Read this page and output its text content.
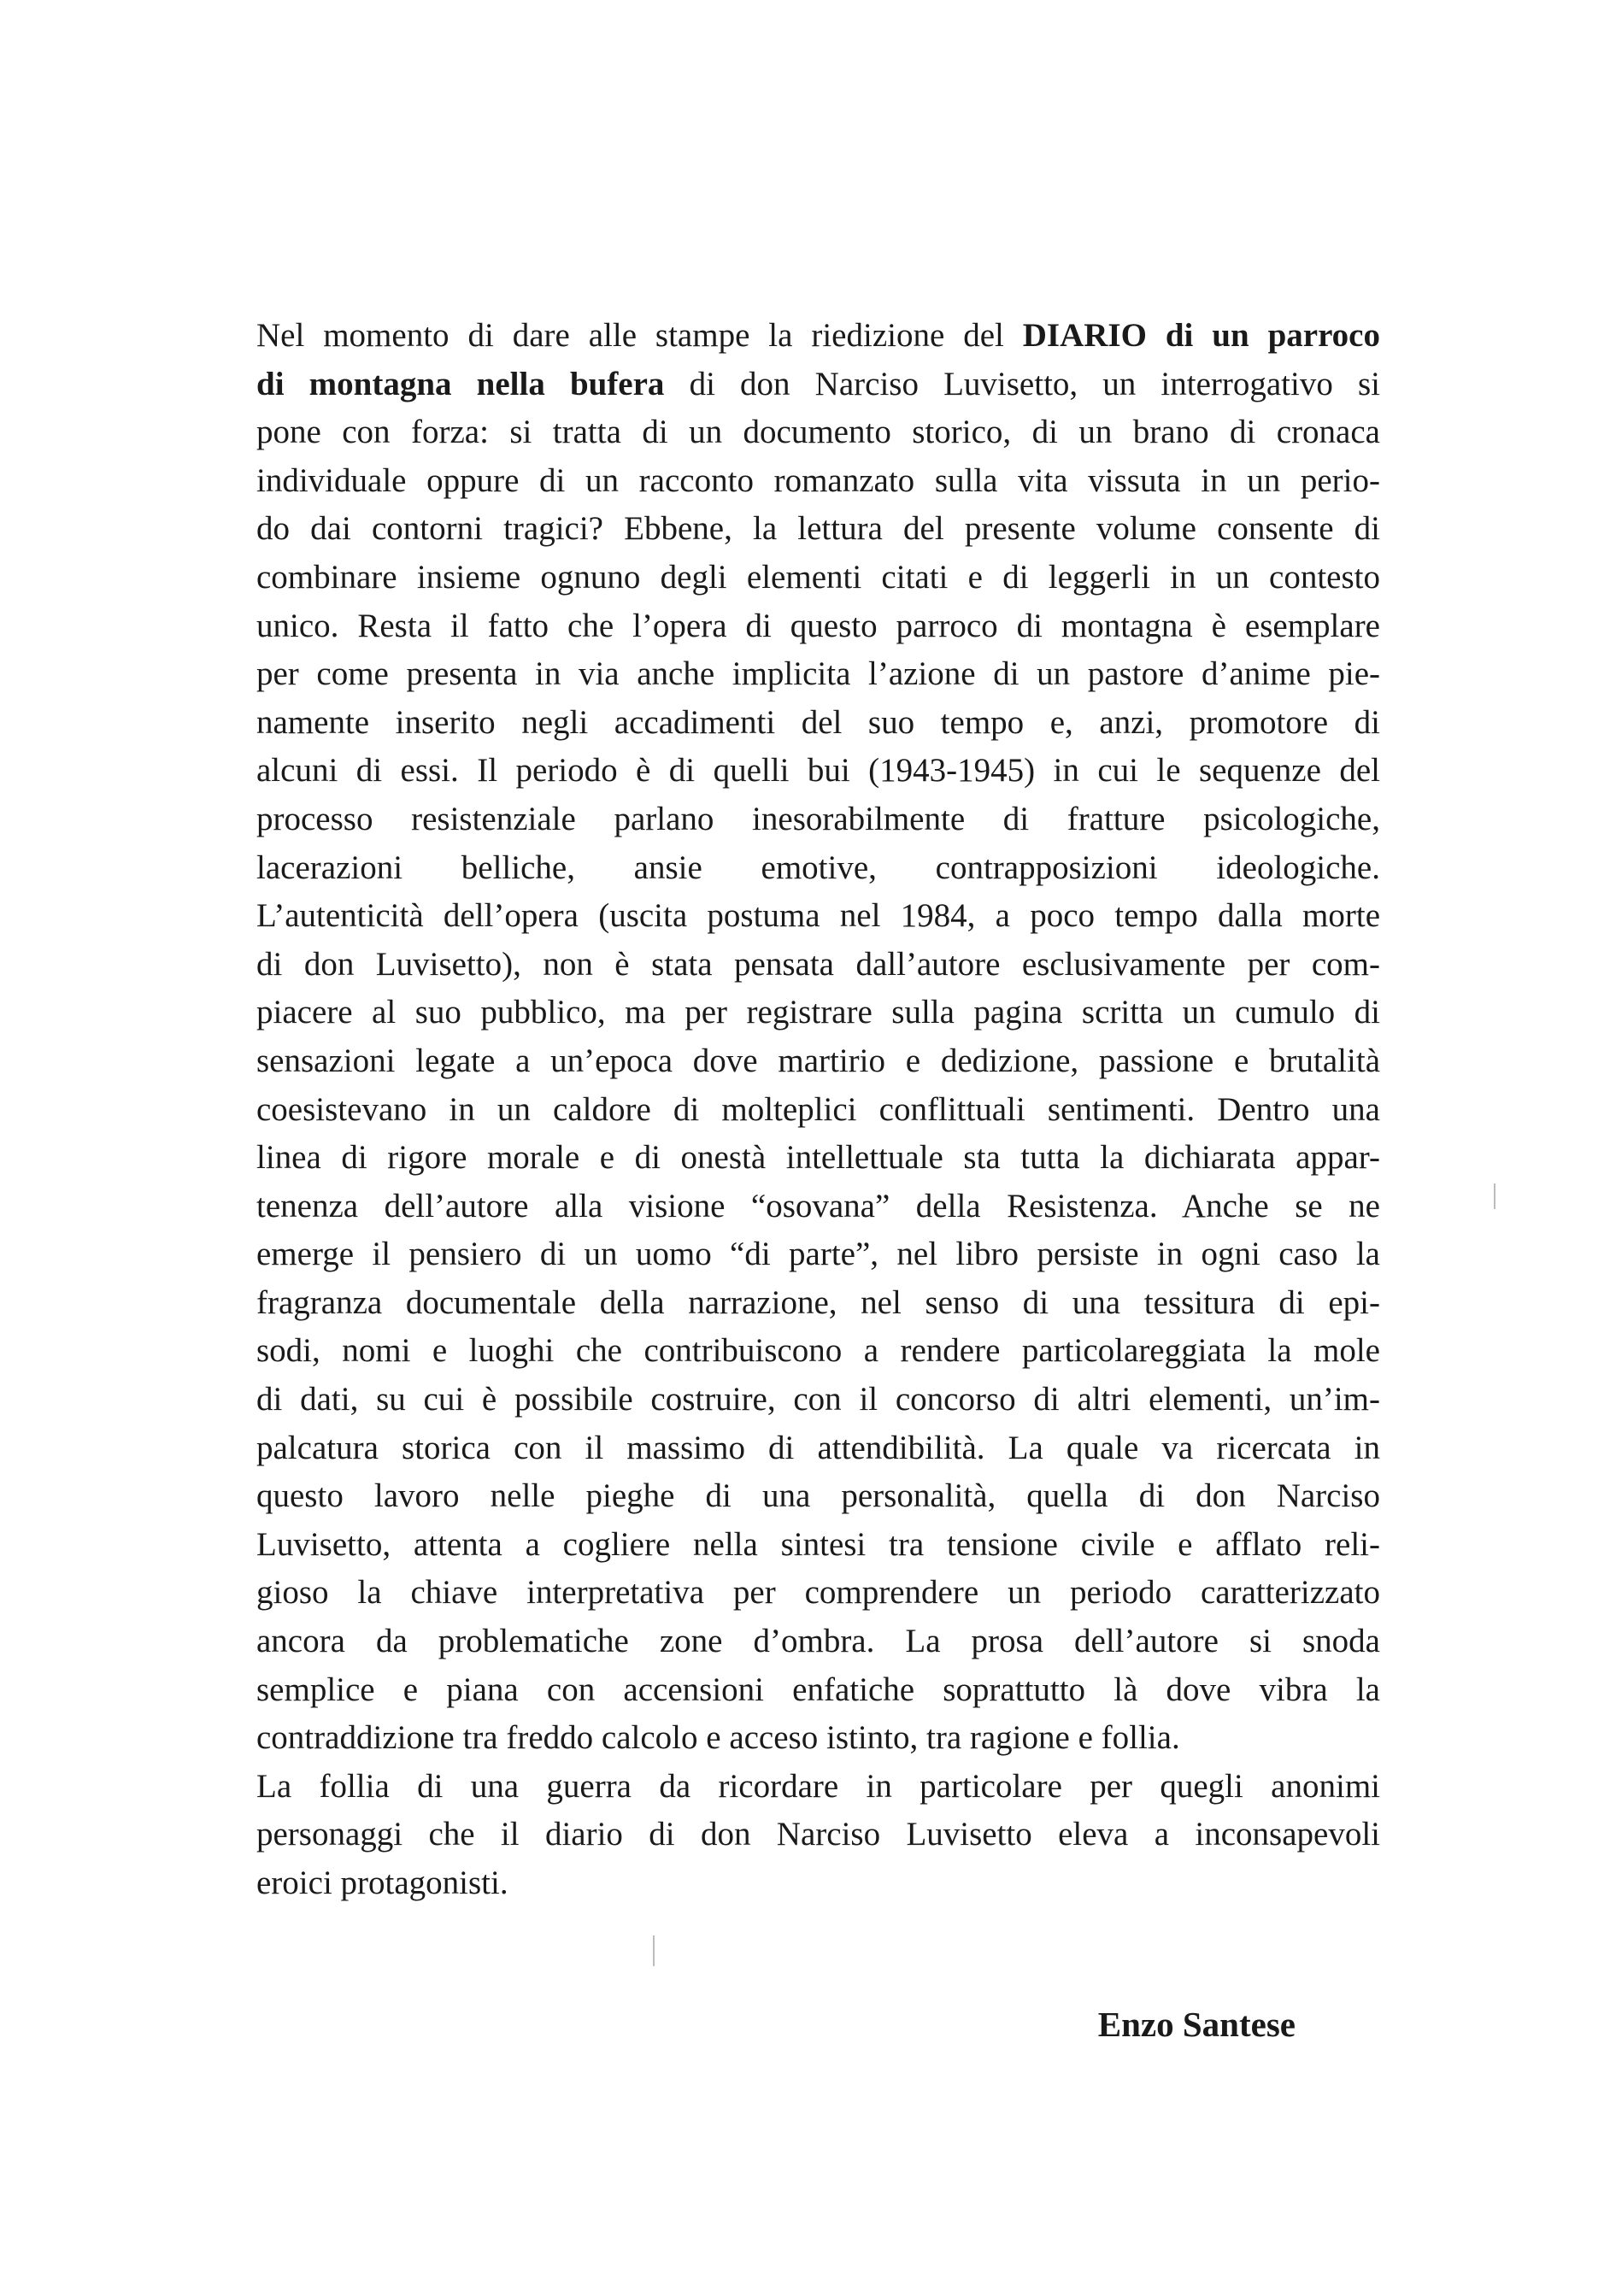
Nel momento di dare alle stampe la riedizione del DIARIO di un parroco
di montagna nella bufera di don Narciso Luvisetto, un interrogativo si
pone con forza: si tratta di un documento storico, di un brano di cronaca
individuale oppure di un racconto romanzato sulla vita vissuta in un perio-
do dai contorni tragici? Ebbene, la lettura del presente volume consente di
combinare insieme ognuno degli elementi citati e di leggerli in un contesto
unico. Resta il fatto che l’opera di questo parroco di montagna è esemplare
per come presenta in via anche implicita l’azione di un pastore d’anime pie-
namente inserito negli accadimenti del suo tempo e, anzi, promotore di
alcuni di essi. Il periodo è di quelli bui (1943-1945) in cui le sequenze del
processo resistenziale parlano inesorabilmente di fratture psicologiche,
lacerazioni belliche, ansie emotive, contrapposizioni ideologiche.
L’autenticità dell’opera (uscita postuma nel 1984, a poco tempo dalla morte
di don Luvisetto), non è stata pensata dall’autore esclusivamente per com-
piacere al suo pubblico, ma per registrare sulla pagina scritta un cumulo di
sensazioni legate a un’epoca dove martirio e dedizione, passione e brutalità
coesistevano in un caldore di molteplici conflittuali sentimenti. Dentro una
linea di rigore morale e di onestà intellettuale sta tutta la dichiarata appar-
tenenza dell’autore alla visione “osovana” della Resistenza. Anche se ne
emerge il pensiero di un uomo “di parte”, nel libro persiste in ogni caso la
fragranza documentale della narrazione, nel senso di una tessitura di epi-
sodi, nomi e luoghi che contribuiscono a rendere particolareggiata la mole
di dati, su cui è possibile costruire, con il concorso di altri elementi, un’im-
palcatura storica con il massimo di attendibilità. La quale va ricercata in
questo lavoro nelle pieghe di una personalità, quella di don Narciso
Luvisetto, attenta a cogliere nella sintesi tra tensione civile e afflato reli-
gioso la chiave interpretativa per comprendere un periodo caratterizzato
ancora da problematiche zone d’ombra. La prosa dell’autore si snoda
semplice e piana con accensioni enfatiche soprattutto là dove vibra la
contraddizione tra freddo calcolo e acceso istinto, tra ragione e follia.
La follia di una guerra da ricordare in particolare per quegli anonimi
personaggi che il diario di don Narciso Luvisetto eleva a inconsapevoli
eroici protagonisti.
Enzo Santese
